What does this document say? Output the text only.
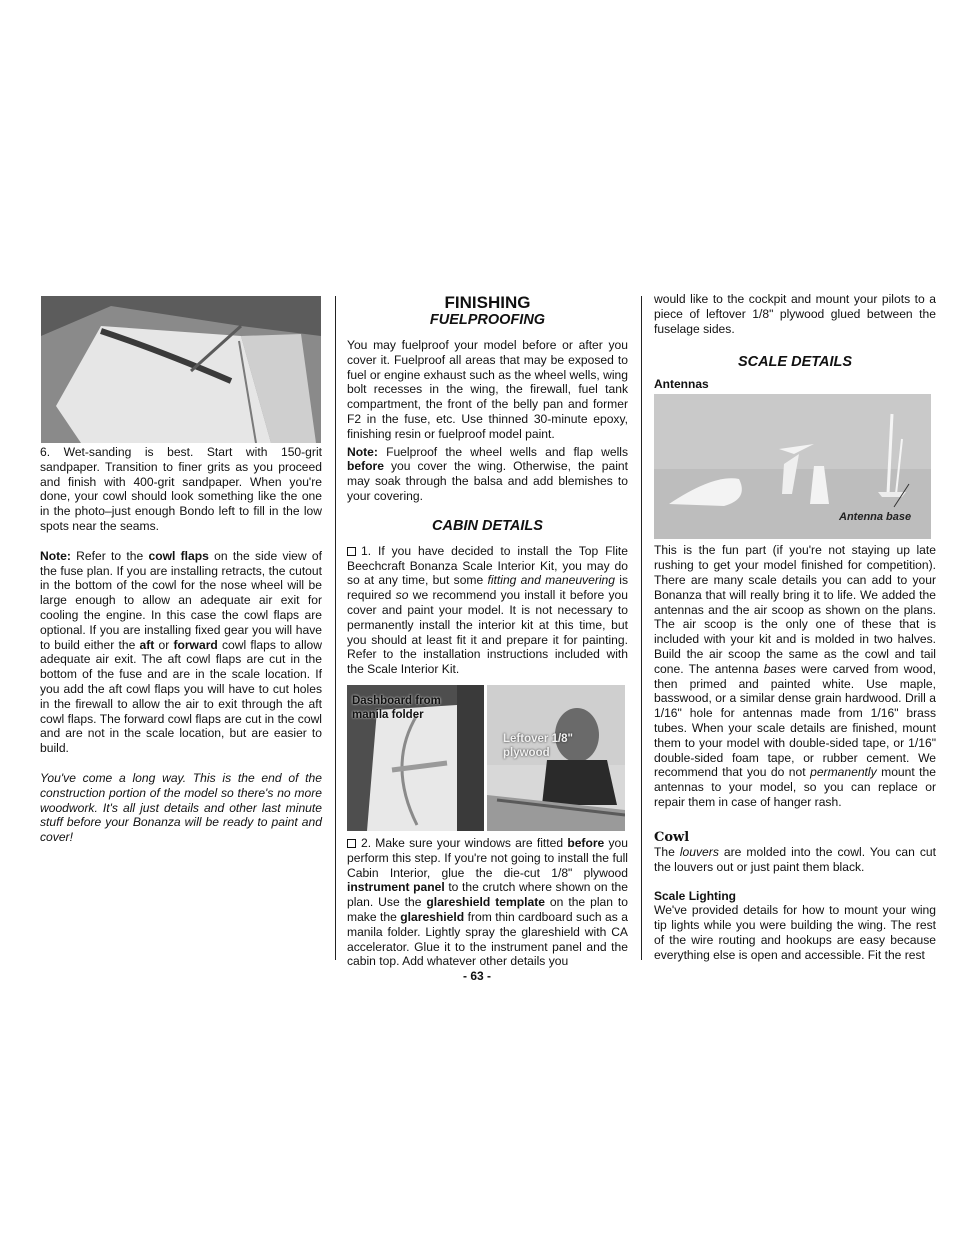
6. Wet-sanding is best. Start with 150-grit sandpaper. Transition to finer grits as you proceed and finish with 400-grit sandpaper. When you're done, your cowl should look something like the one in the photo–just enough Bondo left to fill in the low spots near the seams.

Note: Refer to the cowl flaps on the side view of the fuse plan. If you are installing retracts, the cutout in the bottom of the cowl for the nose wheel will be large enough to allow an adequate air exit for cooling the engine. In this case the cowl flaps are optional. If you are installing fixed gear you will have to build either the aft or forward cowl flaps to allow adequate air exit. The aft cowl flaps are cut in the bottom of the fuse and are in the scale location. If you add the aft cowl flaps you will have to cut holes in the firewall to allow the air to exit through the aft cowl flaps. The forward cowl flaps are cut in the cowl and are not in the scale location, but are easier to build.

You've come a long way. This is the end of the construction portion of the model so there's no more woodwork. It's all just details and other last minute stuff before your Bonanza will be ready to paint and cover!

FINISHING
FUELPROOFING

You may fuelproof your model before or after you cover it. Fuelproof all areas that may be exposed to fuel or engine exhaust such as the wheel wells, wing bolt recesses in the wing, the firewall, fuel tank compartment, the front of the belly pan and former F2 in the fuse, etc. Use thinned 30-minute epoxy, finishing resin or fuelproof model paint.

Note: Fuelproof the wheel wells and flap wells before you cover the wing. Otherwise, the paint may soak through the balsa and add blemishes to your covering.

CABIN DETAILS

1. If you have decided to install the Top Flite Beechcraft Bonanza Scale Interior Kit, you may do so at any time, but some fitting and maneuvering is required so we recommend you install it before you cover and paint your model. It is not necessary to permanently install the interior kit at this time, but you should at least fit it and prepare it for painting. Refer to the installation instructions included with the Scale Interior Kit.

Dashboard from
manila folder
Leftover 1/8"
plywood

2. Make sure your windows are fitted before you perform this step. If you're not going to install the full Cabin Interior, glue the die-cut 1/8" plywood instrument panel to the crutch where shown on the plan. Use the glareshield template on the plan to make the glareshield from thin cardboard such as a manila folder. Lightly spray the glareshield with CA accelerator. Glue it to the instrument panel and the cabin top. Add whatever other details you

would like to the cockpit and mount your pilots to a piece of leftover 1/8" plywood glued between the fuselage sides.

SCALE DETAILS
Antennas
Antenna base

This is the fun part (if you're not staying up late rushing to get your model finished for competition). There are many scale details you can add to your Bonanza that will really bring it to life. We added the antennas and the air scoop as shown on the plans. The air scoop is the only one of these that is included with your kit and is molded in two halves. Build the air scoop the same as the cowl and tail cone. The antenna bases were carved from wood, then primed and painted white. Use maple, basswood, or a similar dense grain hardwood. Drill a 1/16" hole for antennas made from 1/16" brass tubes. When your scale details are finished, mount them to your model with double-sided tape, or 1/16" double-sided foam tape, or rubber cement. We recommend that you do not permanently mount the antennas to your model, so you can replace or repair them in case of hanger rash.

Cowl

The louvers are molded into the cowl. You can cut the louvers out or just paint them black.

Scale Lighting

We've provided details for how to mount your wing tip lights while you were building the wing. The rest of the wire routing and hookups are easy because everything else is open and accessible. Fit the rest

- 63 -
